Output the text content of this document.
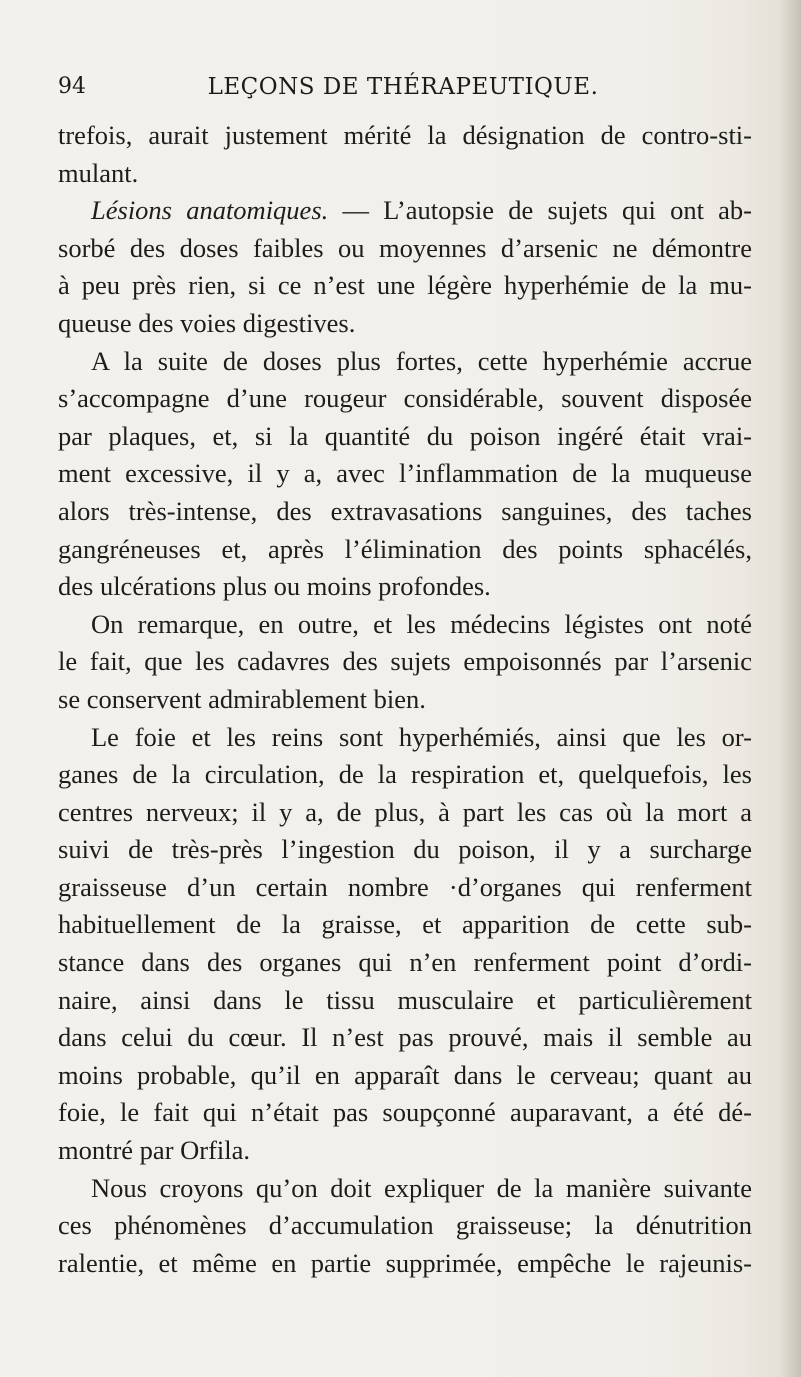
94	LEÇONS DE THÉRAPEUTIQUE.
trefois, aurait justement mérité la désignation de contro-sti-
mulant.
Lésions anatomiques. — L’autopsie de sujets qui ont ab-
sorbé des doses faibles ou moyennes d’arsenic ne démontre
à peu près rien, si ce n’est une légère hyperhémie de la mu-
queuse des voies digestives.
A la suite de doses plus fortes, cette hyperhémie accrue
s’accompagne d’une rougeur considérable, souvent disposée
par plaques, et, si la quantité du poison ingéré était vrai-
ment excessive, il y a, avec l’inflammation de la muqueuse
alors très-intense, des extravasations sanguines, des taches
gangréneuses et, après l’élimination des points sphacélés,
des ulcérations plus ou moins profondes.
On remarque, en outre, et les médecins légistes ont noté
le fait, que les cadavres des sujets empoisonnés par l’arsenic
se conservent admirablement bien.
Le foie et les reins sont hyperhémiés, ainsi que les or-
ganes de la circulation, de la respiration et, quelquefois, les
centres nerveux; il y a, de plus, à part les cas où la mort a
suivi de très-près l’ingestion du poison, il y a surcharge
graisseuse d’un certain nombre ·d’organes qui renferment
habituellement de la graisse, et apparition de cette sub-
stance dans des organes qui n’en renferment point d’ordi-
naire, ainsi dans le tissu musculaire et particulièrement
dans celui du cœur. Il n’est pas prouvé, mais il semble au
moins probable, qu’il en apparaît dans le cerveau; quant au
foie, le fait qui n’était pas soupçonné auparavant, a été dé-
montré par Orfila.
Nous croyons qu’on doit expliquer de la manière suivante
ces phénomènes d’accumulation graisseuse; la dénutrition
ralentie, et même en partie supprimée, empêche le rajeunis-
